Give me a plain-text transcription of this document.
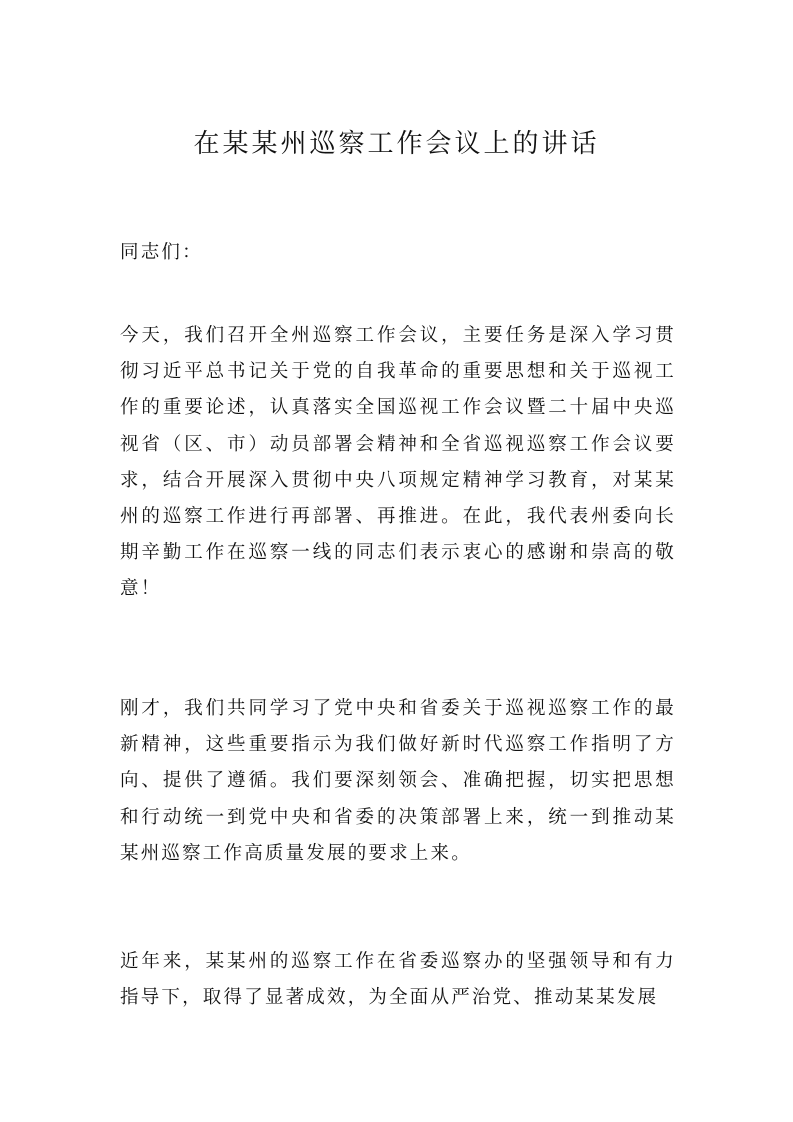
在某某州巡察工作会议上的讲话

同志们：

今天，我们召开全州巡察工作会议，主要任务是深入学习贯彻习近平总书记关于党的自我革命的重要思想和关于巡视工作的重要论述，认真落实全国巡视工作会议暨二十届中央巡视省（区、市）动员部署会精神和全省巡视巡察工作会议要求，结合开展深入贯彻中央八项规定精神学习教育，对某某州的巡察工作进行再部署、再推进。在此，我代表州委向长期辛勤工作在巡察一线的同志们表示衷心的感谢和崇高的敬意！

刚才，我们共同学习了党中央和省委关于巡视巡察工作的最新精神，这些重要指示为我们做好新时代巡察工作指明了方向、提供了遵循。我们要深刻领会、准确把握，切实把思想和行动统一到党中央和省委的决策部署上来，统一到推动某某州巡察工作高质量发展的要求上来。

近年来，某某州的巡察工作在省委巡察办的坚强领导和有力指导下，取得了显著成效，为全面从严治党、推动某某发展
